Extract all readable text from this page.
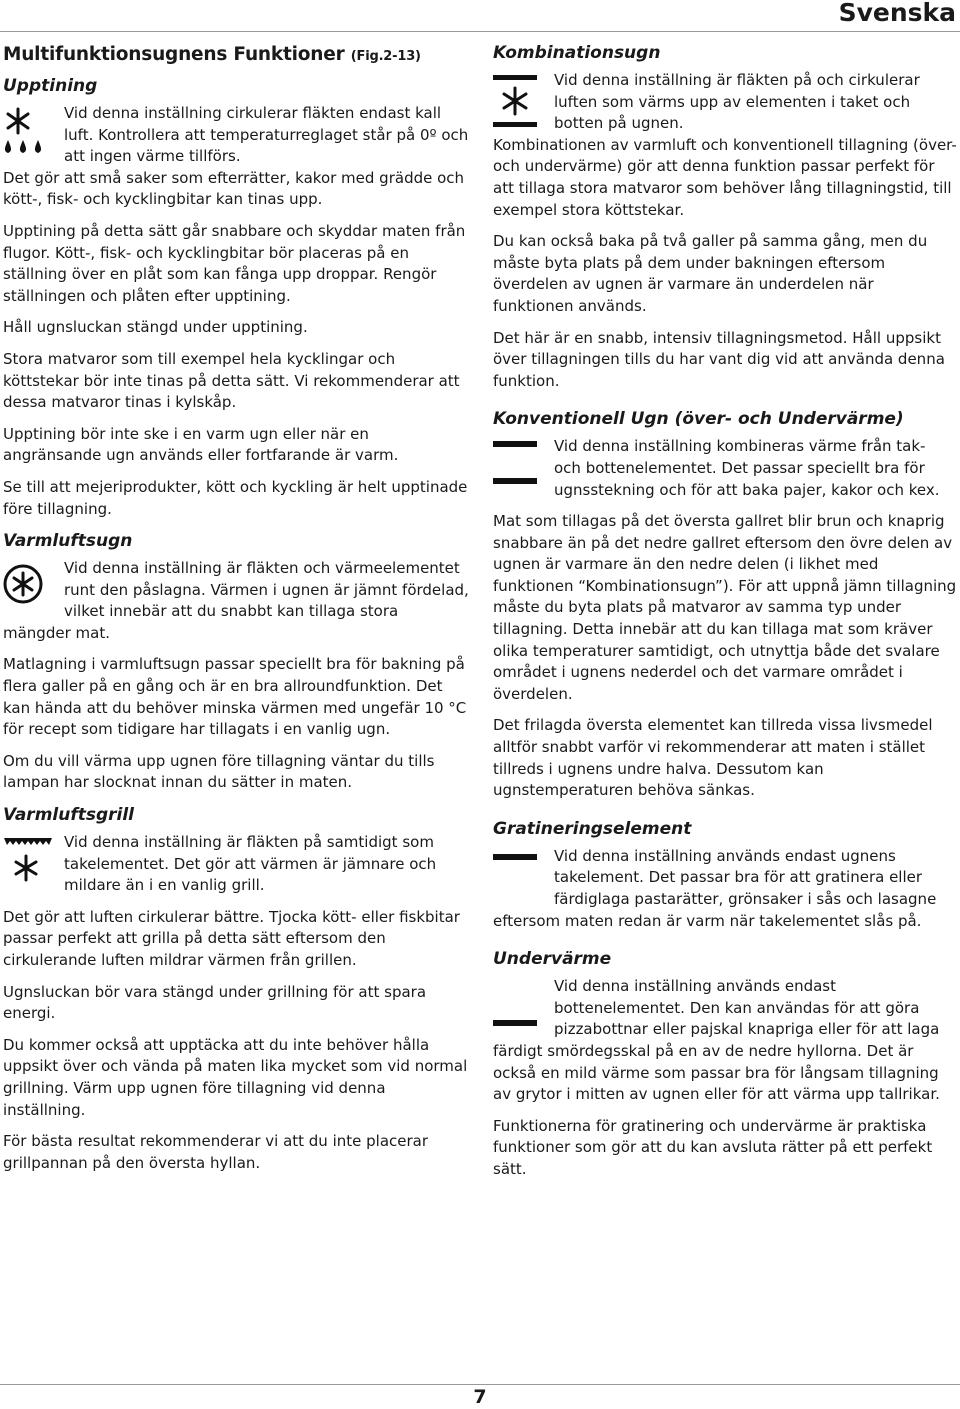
Svenska
Multifunktionsugnens Funktioner (Fig.2-13)
Upptining

Vid denna inställning cirkulerar fläkten endast kall luft. Kontrollera att temperaturreglaget står på 0º och att ingen värme tillförs.
Det gör att små saker som efterrätter, kakor med grädde och kött-, fisk- och kycklingbitar kan tinas upp.

Upptining på detta sätt går snabbare och skyddar maten från flugor. Kött-, fisk- och kycklingbitar bör placeras på en ställning över en plåt som kan fånga upp droppar. Rengör ställningen och plåten efter upptining.

Håll ugnsluckan stängd under upptining.

Stora matvaror som till exempel hela kycklingar och köttstekar bör inte tinas på detta sätt. Vi rekommenderar att dessa matvaror tinas i kylskåp.

Upptining bör inte ske i en varm ugn eller när en angränsande ugn används eller fortfarande är varm.

Se till att mejeriprodukter, kött och kyckling är helt upptinade före tillagning.

Varmluftsugn

Vid denna inställning är fläkten och värmeelementet runt den påslagna. Värmen i ugnen är jämnt fördelad, vilket innebär att du snabbt kan tillaga stora
mängder mat.

Matlagning i varmluftsugn passar speciellt bra för bakning på flera galler på en gång och är en bra allroundfunktion. Det kan hända att du behöver minska värmen med ungefär 10 °C för recept som tidigare har tillagats i en vanlig ugn.

Om du vill värma upp ugnen före tillagning väntar du tills lampan har slocknat innan du sätter in maten.

Varmluftsgrill

Vid denna inställning är fläkten på samtidigt som takelementet. Det gör att värmen är jämnare och mildare än i en vanlig grill.

Det gör att luften cirkulerar bättre. Tjocka kött- eller fiskbitar passar perfekt att grilla på detta sätt eftersom den cirkulerande luften mildrar värmen från grillen.

Ugnsluckan bör vara stängd under grillning för att spara energi.

Du kommer också att upptäcka att du inte behöver hålla uppsikt över och vända på maten lika mycket som vid normal grillning. Värm upp ugnen före tillagning vid denna inställning.

För bästa resultat rekommenderar vi att du inte placerar grillpannan på den översta hyllan.

Kombinationsugn

Vid denna inställning är fläkten på och cirkulerar luften som värms upp av elementen i taket och botten på ugnen.
Kombinationen av varmluft och konventionell tillagning (över- och undervärme) gör att denna funktion passar perfekt för att tillaga stora matvaror som behöver lång tillagningstid, till exempel stora köttstekar.

Du kan också baka på två galler på samma gång, men du måste byta plats på dem under bakningen eftersom överdelen av ugnen är varmare än underdelen när funktionen används.

Det här är en snabb, intensiv tillagningsmetod. Håll uppsikt över tillagningen tills du har vant dig vid att använda denna funktion.

Konventionell Ugn (över- och Undervärme)

Vid denna inställning kombineras värme från tak- och bottenelementet. Det passar speciellt bra för ugnsstekning och för att baka pajer, kakor och kex.

Mat som tillagas på det översta gallret blir brun och knaprig snabbare än på det nedre gallret eftersom den övre delen av ugnen är varmare än den nedre delen (i likhet med funktionen “Kombinationsugn”). För att uppnå jämn tillagning måste du byta plats på matvaror av samma typ under tillagning. Detta innebär att du kan tillaga mat som kräver olika temperaturer samtidigt, och utnyttja både det svalare området i ugnens nederdel och det varmare området i överdelen.

Det frilagda översta elementet kan tillreda vissa livsmedel alltför snabbt varför vi rekommenderar att maten i stället tillreds i ugnens undre halva. Dessutom kan ugnstemperaturen behöva sänkas.

Gratineringselement

Vid denna inställning används endast ugnens takelement. Det passar bra för att gratinera eller färdiglaga pastarätter, grönsaker i sås och lasagne
eftersom maten redan är varm när takelementet slås på.

Undervärme

Vid denna inställning används endast bottenelementet. Den kan användas för att göra pizzabottnar eller pajskal knapriga eller för att laga
färdigt smördegsskal på en av de nedre hyllorna. Det är också en mild värme som passar bra för långsam tillagning av grytor i mitten av ugnen eller för att värma upp tallrikar.

Funktionerna för gratinering och undervärme är praktiska funktioner som gör att du kan avsluta rätter på ett perfekt sätt.

7
